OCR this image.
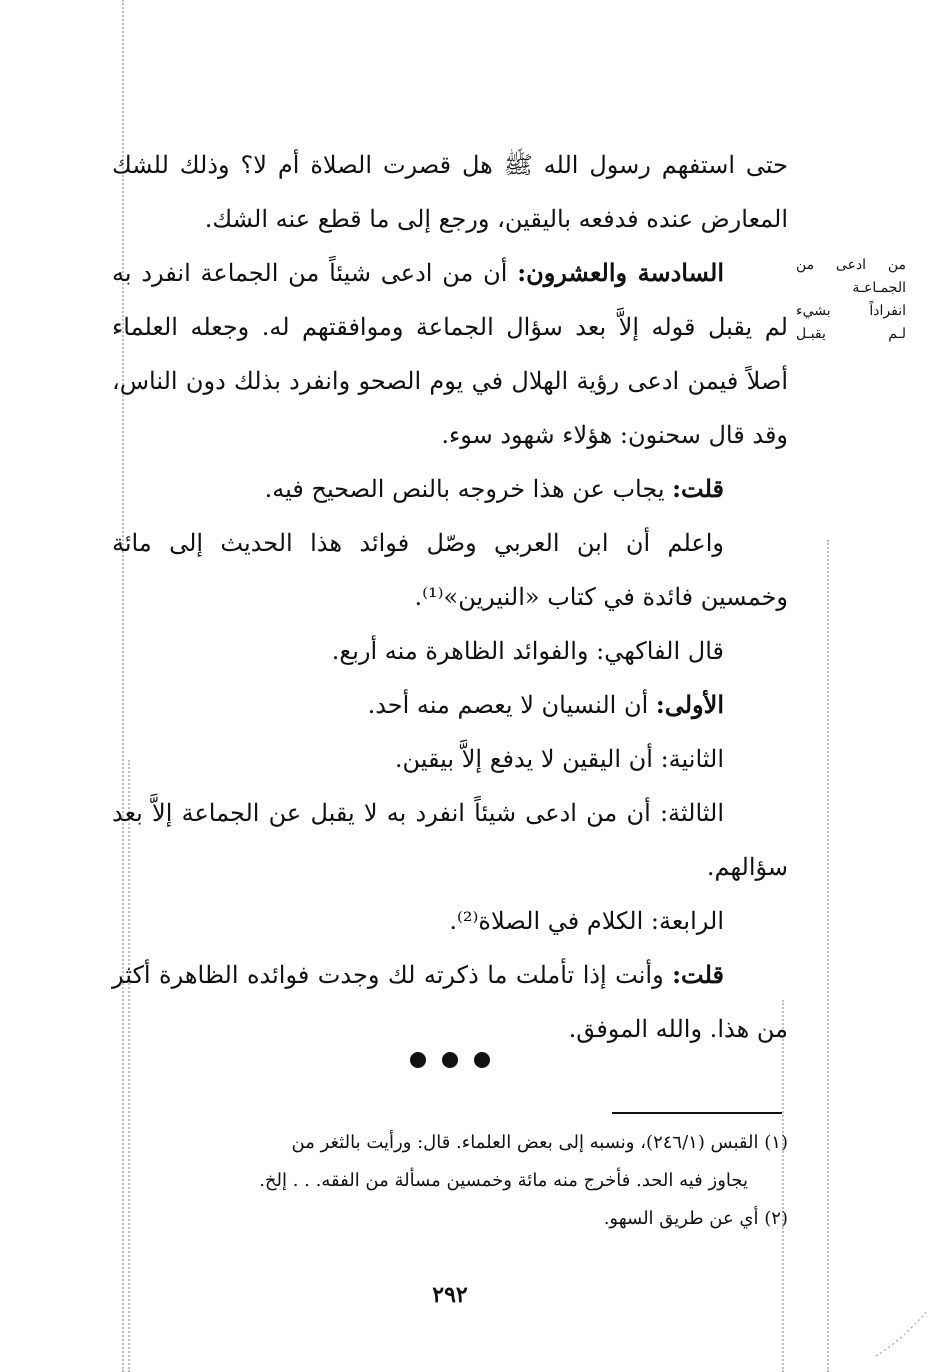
حتى استفهم رسول الله ﷺ هل قصرت الصلاة أم لا؟ وذلك للشك المعارض عنده فدفعه باليقين، ورجع إلى ما قطع عنه الشك.

السادسة والعشرون: أن من ادعى شيئاً من الجماعة انفرد به لم يقبل قوله إلاَّ بعد سؤال الجماعة وموافقتهم له. وجعله العلماء أصلاً فيمن ادعى رؤية الهلال في يوم الصحو وانفرد بذلك دون الناس، وقد قال سحنون: هؤلاء شهود سوء.

قلت: يجاب عن هذا خروجه بالنص الصحيح فيه.

واعلم أن ابن العربي وصّل فوائد هذا الحديث إلى مائة وخمسين فائدة في كتاب «النيرين»⁽¹⁾.

قال الفاكهي: والفوائد الظاهرة منه أربع.

الأولى: أن النسيان لا يعصم منه أحد.

الثانية: أن اليقين لا يدفع إلاَّ بيقين.

الثالثة: أن من ادعى شيئاً انفرد به لا يقبل عن الجماعة إلاَّ بعد سؤالهم.

الرابعة: الكلام في الصلاة⁽²⁾.

قلت: وأنت إذا تأملت ما ذكرته لك وجدت فوائده الظاهرة أكثر من هذا. والله الموفق.

من ادعى من
الجمـاعـة
انفراداً بشيء
لـم يقبـل

(١) القبس (٢٤٦/١)، ونسبه إلى بعض العلماء. قال: ورأيت بالثغر من

يجاوز فيه الحد. فأخرج منه مائة وخمسين مسألة من الفقه. . . إلخ.

(٢) أي عن طريق السهو.

٢٩٢
